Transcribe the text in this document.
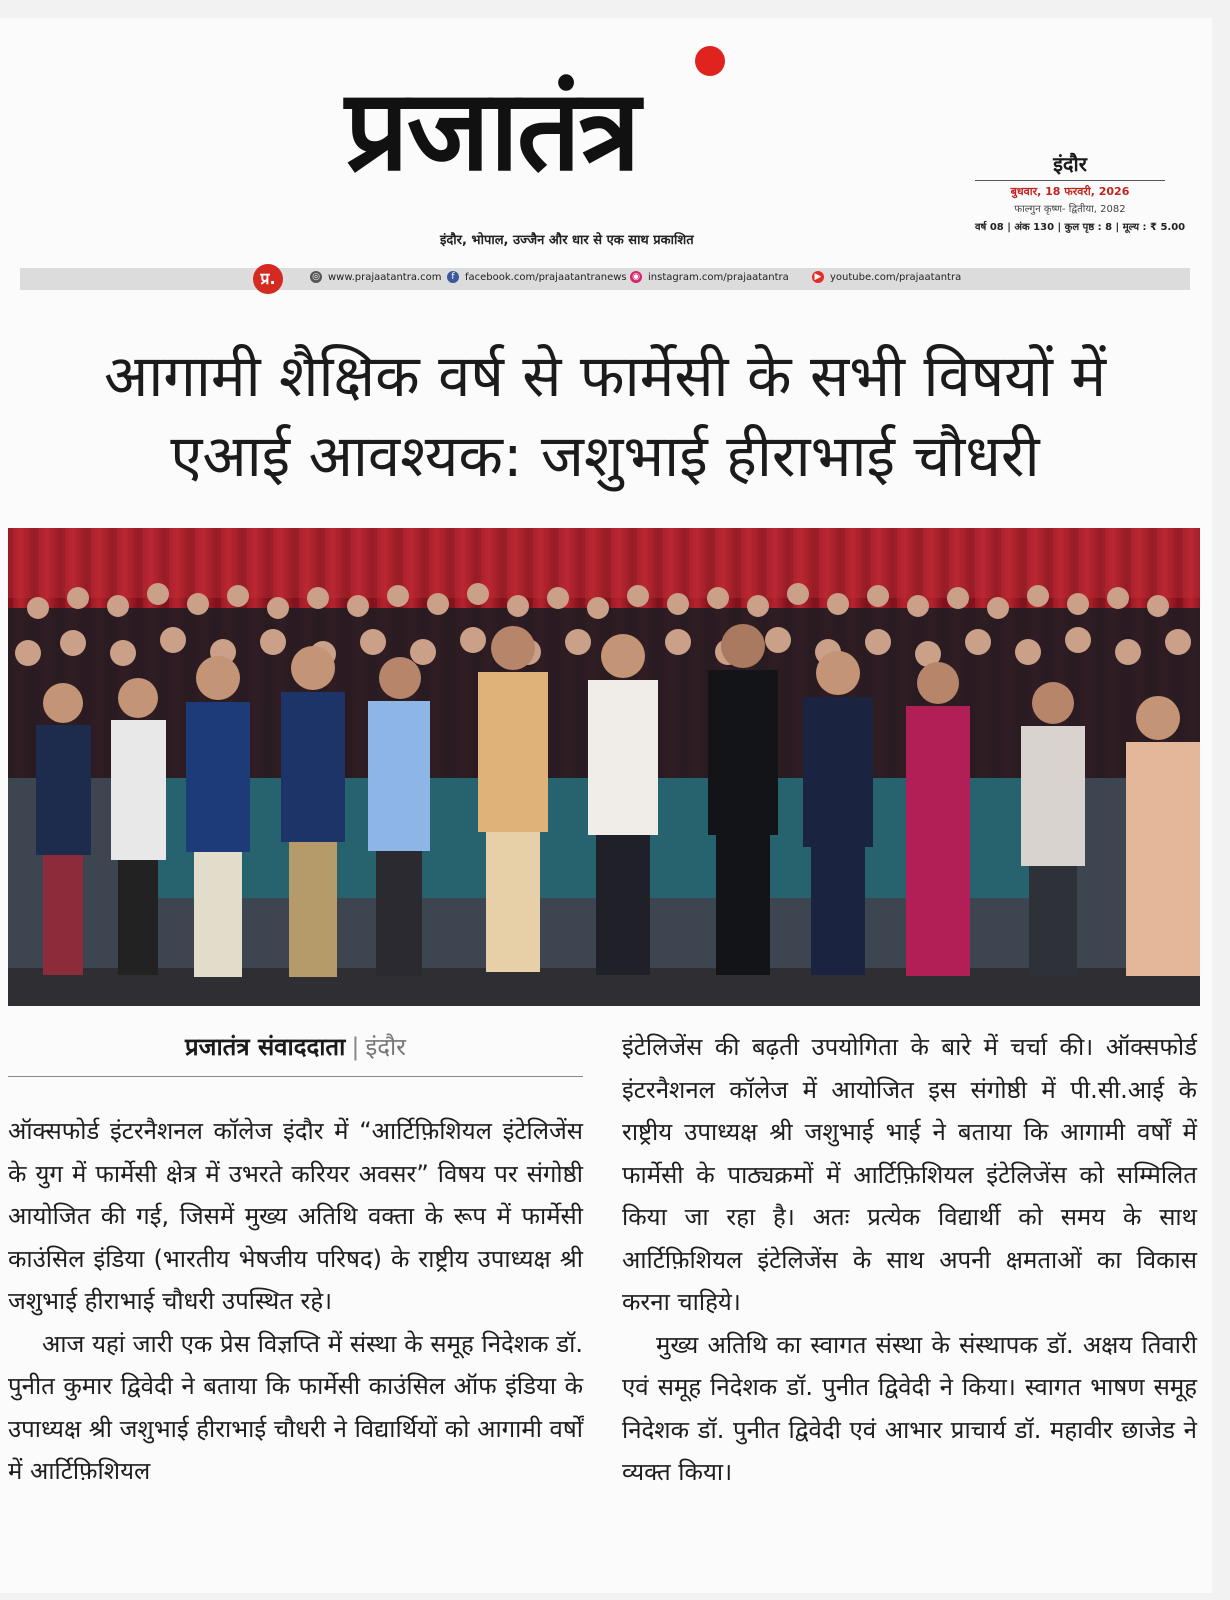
प्रजातंत्र
इंदौर, भोपाल, उज्जैन और धार से एक साथ प्रकाशित
इंदौर
बुधवार, 18 फरवरी, 2026
फाल्गुन कृष्ण- द्वितीया, 2082
वर्ष 08 | अंक 130 | कुल पृष्ठ : 8 | मूल्य : ₹ 5.00
प्र.	◎ www.prajaatantra.com	f	facebook.com/prajaatantranews ◉ instagram.com/prajaatantra	▶ youtube.com/prajaatantra
आगामी शैक्षिक वर्ष से फार्मेसी के सभी विषयों में
एआई आवश्यक: जशुभाई हीराभाई चौधरी
प्रजातंत्र संवाददाता | इंदौर

ऑक्सफोर्ड इंटरनैशनल कॉलेज इंदौर में “आर्टिफ़िशियल इंटेलिजेंस के युग में फार्मेसी क्षेत्र में उभरते करियर अवसर” विषय पर संगोष्ठी आयोजित की गई, जिसमें मुख्य अतिथि वक्ता के रूप में फार्मेसी काउंसिल इंडिया (भारतीय भेषजीय परिषद) के राष्ट्रीय उपाध्यक्ष श्री जशुभाई हीराभाई चौधरी उपस्थित रहे।

आज यहां जारी एक प्रेस विज्ञप्ति में संस्था के समूह निदेशक डॉ. पुनीत कुमार द्विवेदी ने बताया कि फार्मेसी काउंसिल ऑफ इंडिया के उपाध्यक्ष श्री जशुभाई हीराभाई चौधरी ने विद्यार्थियों को आगामी वर्षों में आर्टिफ़िशियल

इंटेलिजेंस की बढ़ती उपयोगिता के बारे में चर्चा की। ऑक्सफोर्ड इंटरनैशनल कॉलेज में आयोजित इस संगोष्ठी में पी.सी.आई के राष्ट्रीय उपाध्यक्ष श्री जशुभाई भाई ने बताया कि आगामी वर्षों में फार्मेसी के पाठ्यक्रमों में आर्टिफ़िशियल इंटेलिजेंस को सम्मिलित किया जा रहा है। अतः प्रत्येक विद्यार्थी को समय के साथ आर्टिफ़िशियल इंटेलिजेंस के साथ अपनी क्षमताओं का विकास करना चाहिये।

मुख्य अतिथि का स्वागत संस्था के संस्थापक डॉ. अक्षय तिवारी एवं समूह निदेशक डॉ. पुनीत द्विवेदी ने किया। स्वागत भाषण समूह निदेशक डॉ. पुनीत द्विवेदी एवं आभार प्राचार्य डॉ. महावीर छाजेड ने व्यक्त किया।
